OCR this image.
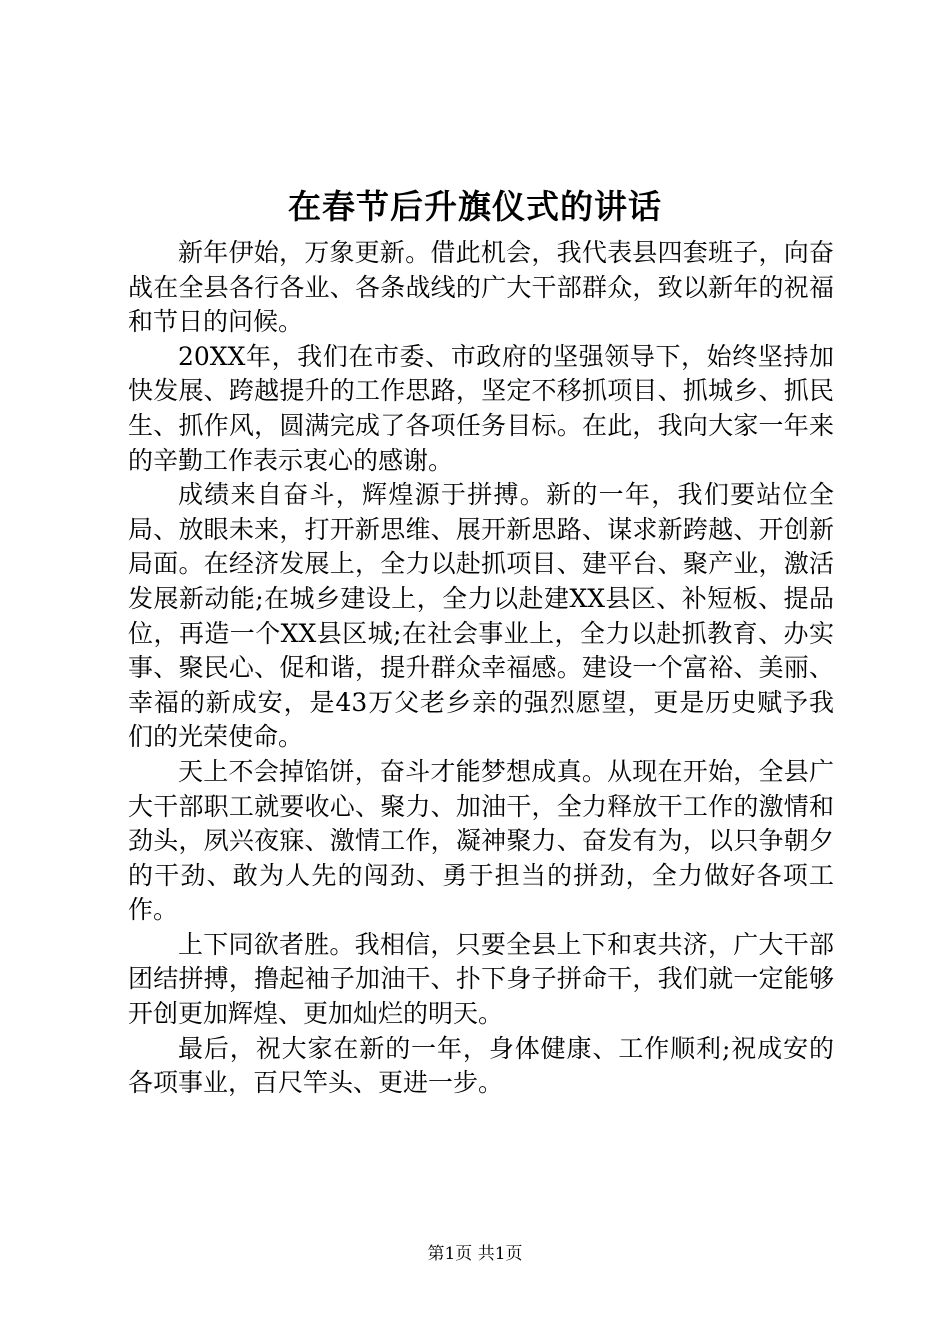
在春节后升旗仪式的讲话

新年伊始，万象更新。借此机会，我代表县四套班子，向奋战在全县各行各业、各条战线的广大干部群众，致以新年的祝福和节日的问候。

20XX年，我们在市委、市政府的坚强领导下，始终坚持加快发展、跨越提升的工作思路，坚定不移抓项目、抓城乡、抓民生、抓作风，圆满完成了各项任务目标。在此，我向大家一年来的辛勤工作表示衷心的感谢。

成绩来自奋斗，辉煌源于拼搏。新的一年，我们要站位全局、放眼未来，打开新思维、展开新思路、谋求新跨越、开创新局面。在经济发展上，全力以赴抓项目、建平台、聚产业，激活发展新动能;在城乡建设上，全力以赴建XX县区、补短板、提品位，再造一个XX县区城;在社会事业上，全力以赴抓教育、办实事、聚民心、促和谐，提升群众幸福感。建设一个富裕、美丽、幸福的新成安，是43万父老乡亲的强烈愿望，更是历史赋予我们的光荣使命。

天上不会掉馅饼，奋斗才能梦想成真。从现在开始，全县广大干部职工就要收心、聚力、加油干，全力释放干工作的激情和劲头，夙兴夜寐、激情工作，凝神聚力、奋发有为，以只争朝夕的干劲、敢为人先的闯劲、勇于担当的拼劲，全力做好各项工作。

上下同欲者胜。我相信，只要全县上下和衷共济，广大干部团结拼搏，撸起袖子加油干、扑下身子拼命干，我们就一定能够开创更加辉煌、更加灿烂的明天。

最后，祝大家在新的一年，身体健康、工作顺利;祝成安的各项事业，百尺竿头、更进一步。

第1页 共1页
